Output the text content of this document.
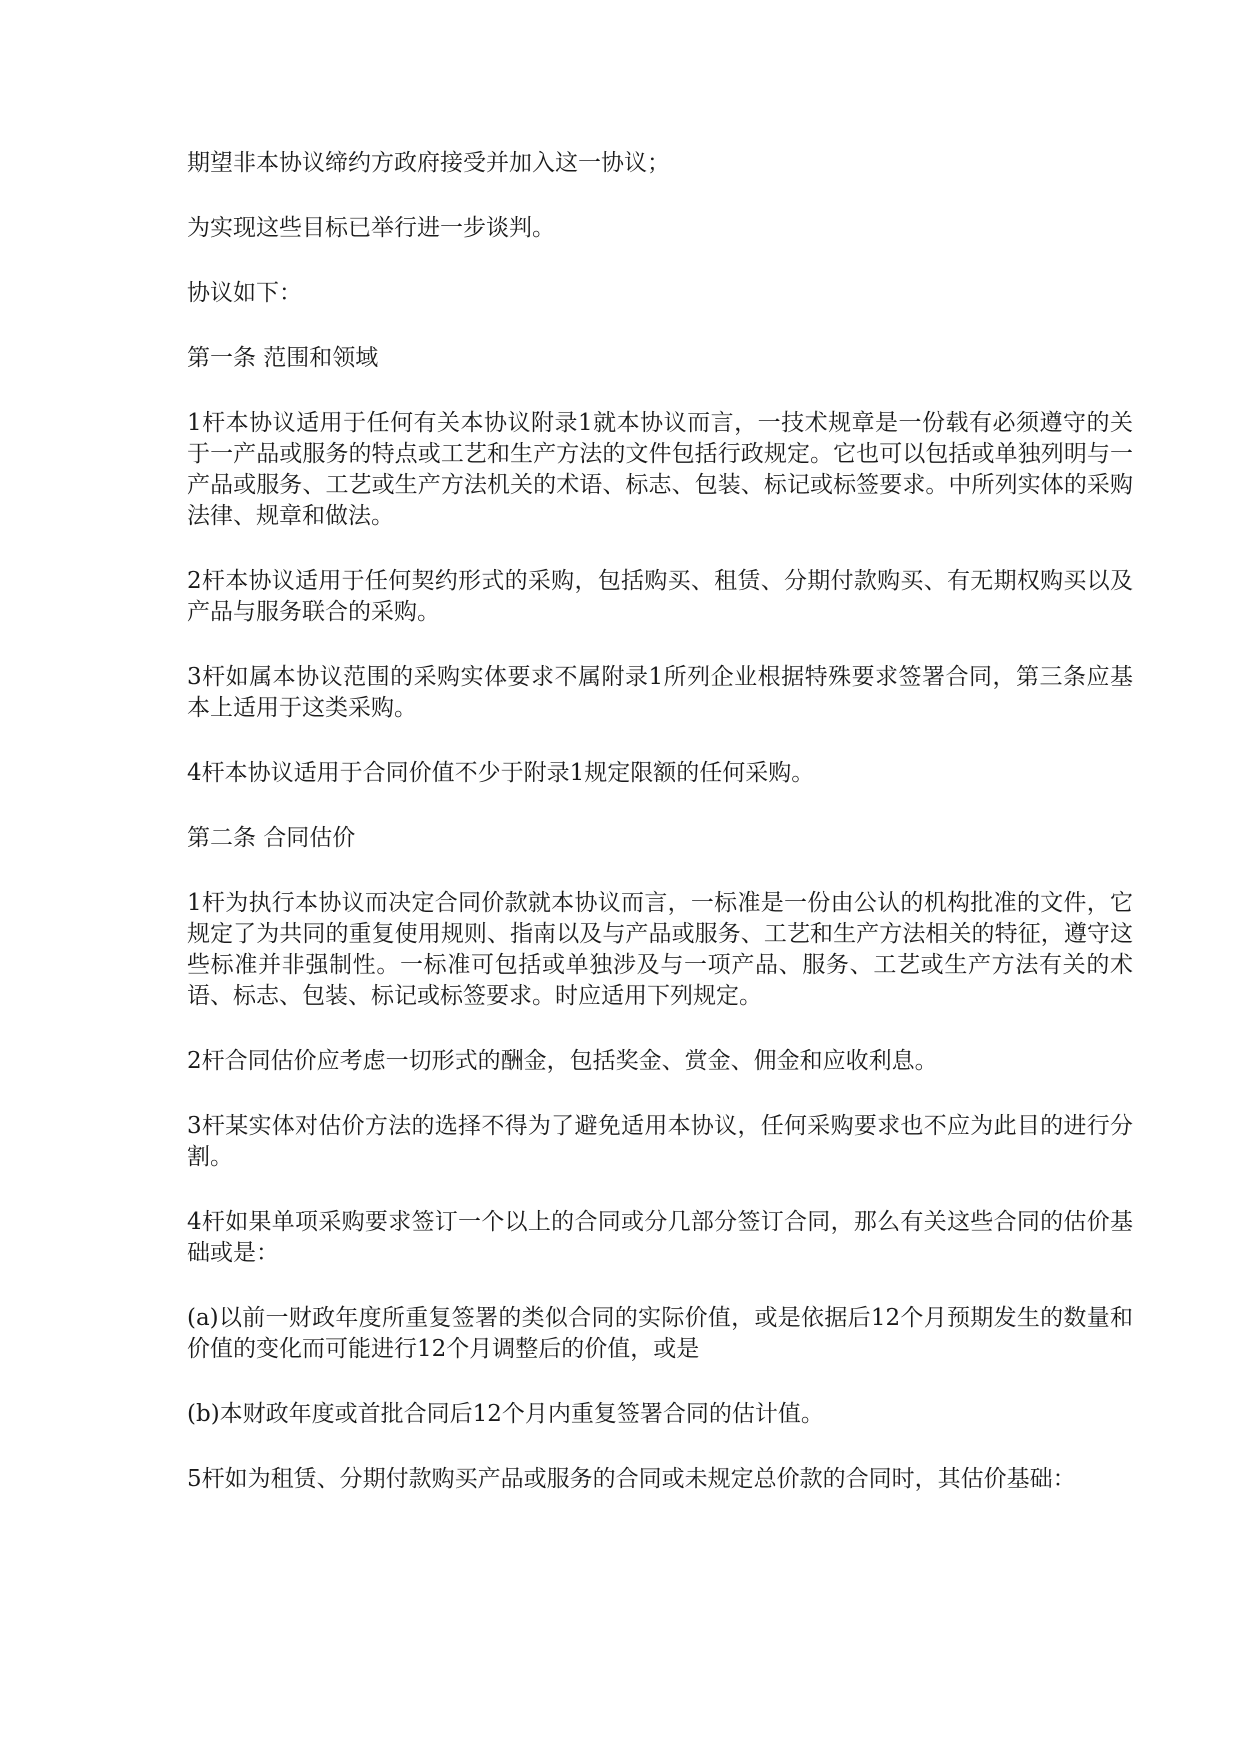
期望非本协议缔约方政府接受并加入这一协议；

为实现这些目标已举行进一步谈判。

协议如下：

第一条 范围和领域

1杆本协议适用于任何有关本协议附录1就本协议而言，一技术规章是一份载有必须遵守的关于一产品或服务的特点或工艺和生产方法的文件包括行政规定。它也可以包括或单独列明与一产品或服务、工艺或生产方法机关的术语、标志、包装、标记或标签要求。中所列实体的采购法律、规章和做法。

2杆本协议适用于任何契约形式的采购，包括购买、租赁、分期付款购买、有无期权购买以及产品与服务联合的采购。

3杆如属本协议范围的采购实体要求不属附录1所列企业根据特殊要求签署合同，第三条应基本上适用于这类采购。

4杆本协议适用于合同价值不少于附录1规定限额的任何采购。

第二条 合同估价

1杆为执行本协议而决定合同价款就本协议而言，一标准是一份由公认的机构批准的文件，它规定了为共同的重复使用规则、指南以及与产品或服务、工艺和生产方法相关的特征，遵守这些标准并非强制性。一标准可包括或单独涉及与一项产品、服务、工艺或生产方法有关的术语、标志、包装、标记或标签要求。时应适用下列规定。

2杆合同估价应考虑一切形式的酬金，包括奖金、赏金、佣金和应收利息。

3杆某实体对估价方法的选择不得为了避免适用本协议，任何采购要求也不应为此目的进行分割。

4杆如果单项采购要求签订一个以上的合同或分几部分签订合同，那么有关这些合同的估价基础或是：

(a)以前一财政年度所重复签署的类似合同的实际价值，或是依据后12个月预期发生的数量和价值的变化而可能进行12个月调整后的价值，或是

(b)本财政年度或首批合同后12个月内重复签署合同的估计值。

5杆如为租赁、分期付款购买产品或服务的合同或未规定总价款的合同时，其估价基础：
